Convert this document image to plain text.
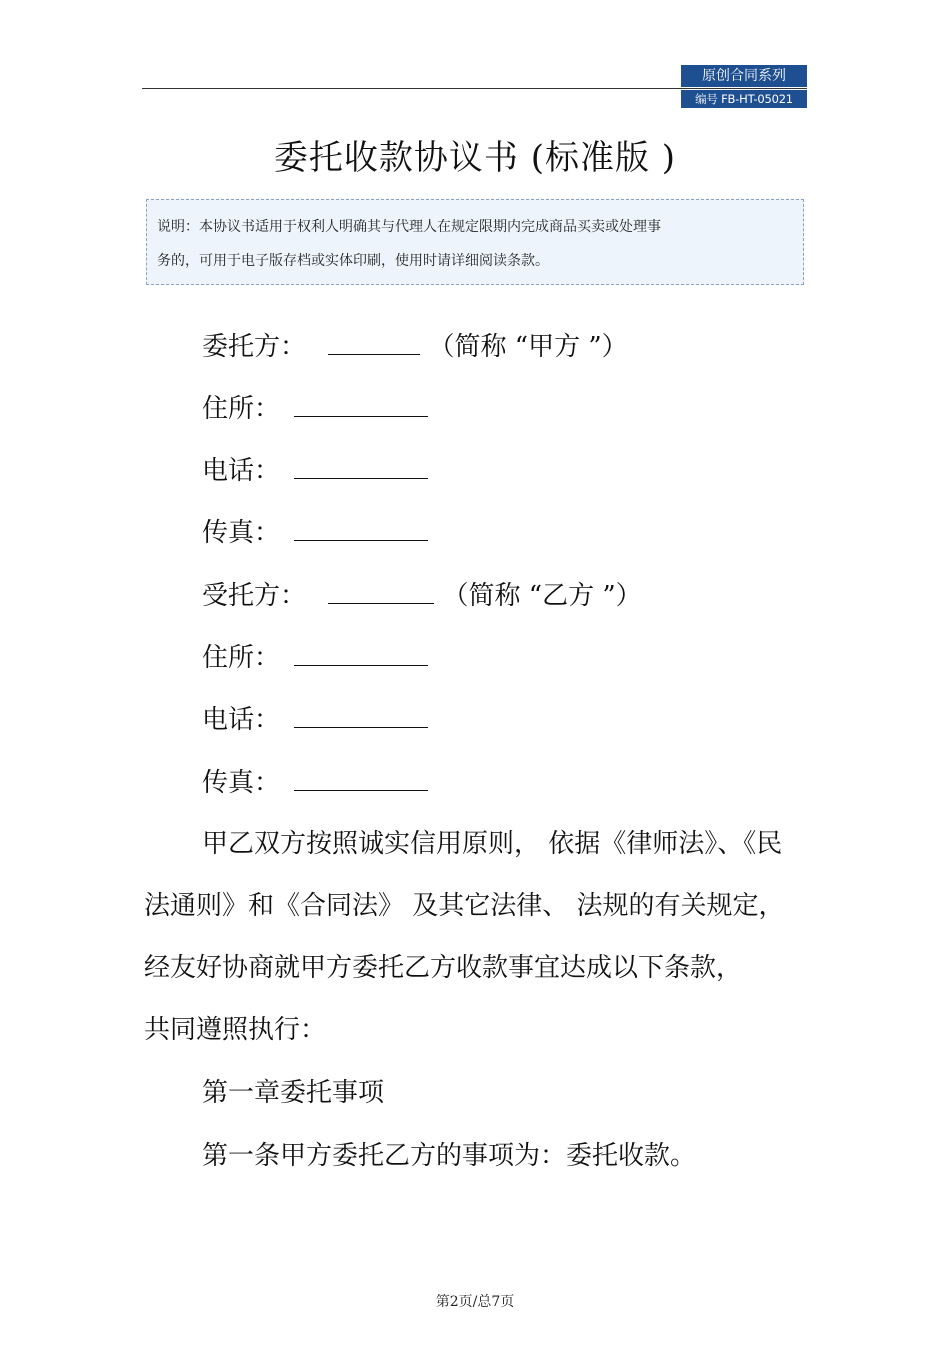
原创合同系列
编号 FB-HT-05021
委托收款协议书 (标准版 )
说明：本协议书适用于权利人明确其与代理人在规定限期内完成商品买卖或处理事
务的，可用于电子版存档或实体印刷，使用时请详细阅读条款。
委托方：	（简称 “甲方 ”）
住所：
电话：
传真：
受托方：	（简称 “乙方 ”）
住所：
电话：
传真：
甲乙双方按照诚实信用原则， 依据《律师法》、《民
法通则》和《合同法》 及其它法律、 法规的有关规定，
经友好协商就甲方委托乙方收款事宜达成以下条款，
共同遵照执行：
第一章委托事项
第一条甲方委托乙方的事项为：委托收款。
第2页/总7页
